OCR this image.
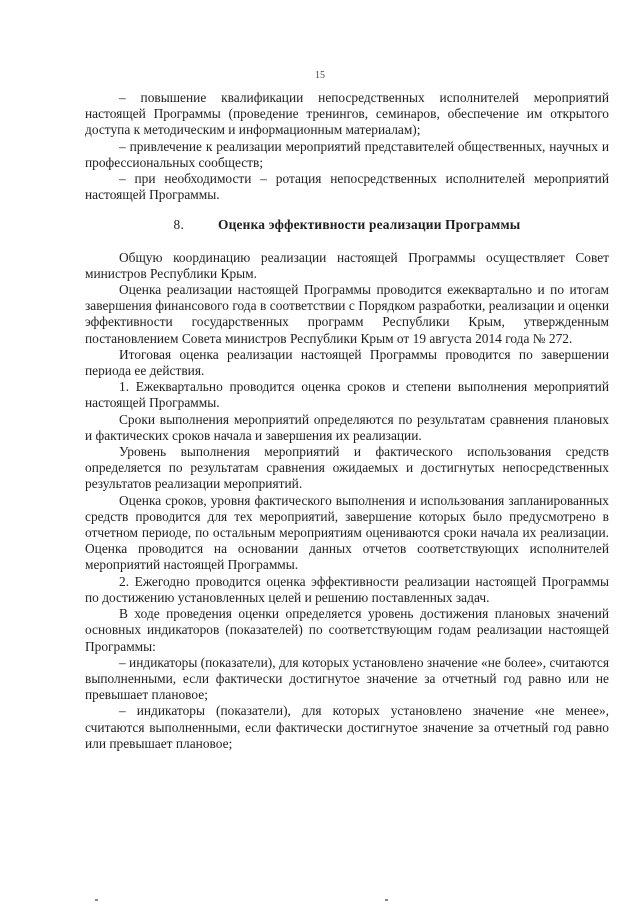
15

– повышение квалификации непосредственных исполнителей мероприятий настоящей Программы (проведение тренингов, семинаров, обеспечение им открытого доступа к методическим и информационным материалам);

– привлечение к реализации мероприятий представителей общественных, научных и профессиональных сообществ;

– при необходимости – ротация непосредственных исполнителей мероприятий настоящей Программы.

8.	Оценка эффективности реализации Программы

Общую координацию реализации настоящей Программы осуществляет Совет министров Республики Крым.

Оценка реализации настоящей Программы проводится ежеквартально и по итогам завершения финансового года в соответствии с Порядком разработки, реализации и оценки эффективности государственных программ Республики Крым, утвержденным постановлением Совета министров Республики Крым от 19 августа 2014 года № 272.

Итоговая оценка реализации настоящей Программы проводится по завершении периода ее действия.

1. Ежеквартально проводится оценка сроков и степени выполнения мероприятий настоящей Программы.

Сроки выполнения мероприятий определяются по результатам сравнения плановых и фактических сроков начала и завершения их реализации.

Уровень выполнения мероприятий и фактического использования средств определяется по результатам сравнения ожидаемых и достигнутых непосредственных результатов реализации мероприятий.

Оценка сроков, уровня фактического выполнения и использования запланированных средств проводится для тех мероприятий, завершение которых было предусмотрено в отчетном периоде, по остальным мероприятиям оцениваются сроки начала их реализации. Оценка проводится на основании данных отчетов соответствующих исполнителей мероприятий настоящей Программы.

2. Ежегодно проводится оценка эффективности реализации настоящей Программы по достижению установленных целей и решению поставленных задач.

В ходе проведения оценки определяется уровень достижения плановых значений основных индикаторов (показателей) по соответствующим годам реализации настоящей Программы:

– индикаторы (показатели), для которых установлено значение «не более», считаются выполненными, если фактически достигнутое значение за отчетный год равно или не превышает плановое;

– индикаторы (показатели), для которых установлено значение «не менее», считаются выполненными, если фактически достигнутое значение за отчетный год равно или превышает плановое;
